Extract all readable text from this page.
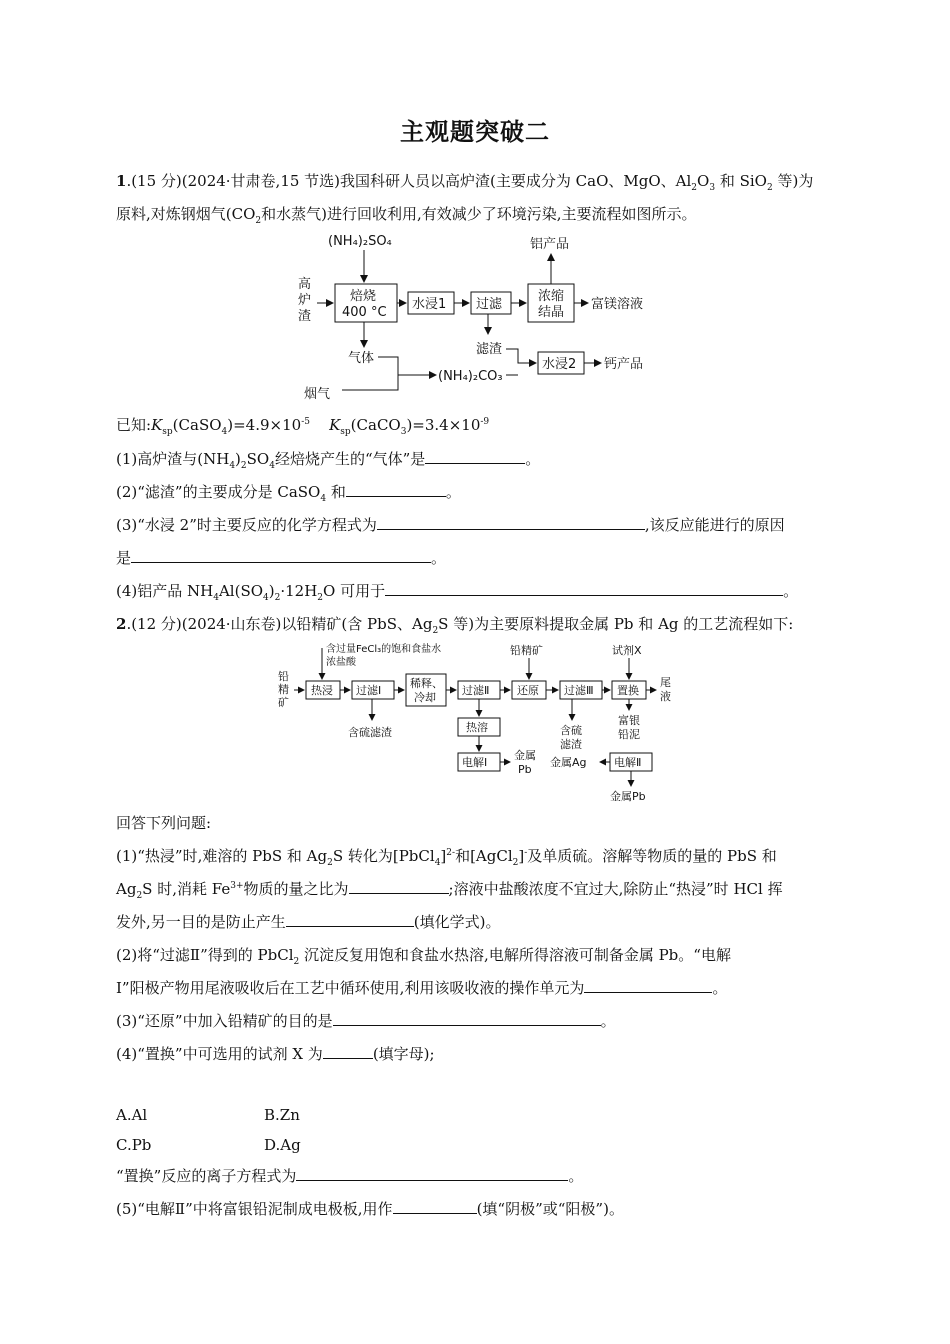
主观题突破二
1.(15 分)(2024·甘肃卷,15 节选)我国科研人员以高炉渣(主要成分为 CaO、MgO、$Al_2O_3$ 和 SiO$_2$ 等)为
原料,对炼钢烟气($CO_2$和水蒸气)进行回收利用,有效减少了环境污染,主要流程如图所示。
(NH₄)₂SO₄
高
炉
渣
焙烧
400 °C
水浸1 过滤
浓缩
结晶
铝产品
富镁溶液
气体
滤渣
水浸2 钙产品
烟气
(NH₄)₂CO₃
已知$:K_{sp}(CaSO_4)=4.9\times 10^{-5}$ $K_{sp}(CaCO_3)=3.4\times 10^{-9}$
(1)高炉渣与$(NH_4)_2SO_4$经焙烧产生的“气体”是	。
(2)“滤渣”的主要成分是 CaSO$_4$ 和	。
(3)“水浸 2”时主要反应的化学方程式为	,该反应能进行的原因
是	。
(4)铝产品 $NH_4Al(SO_4)_2\cdot 12H_2O$ 可用于	。
2.(12 分)(2024·山东卷)以铅精矿(含 PbS、$Ag_2S$ 等)为主要原料提取金属 Pb 和 Ag 的工艺流程如下:
铅
精
矿
含过量FeCl₃的饱和食盐水
浓盐酸
热浸 过滤Ⅰ
稀释、
冷却
过滤Ⅱ	还原 过滤Ⅲ 置换
尾
液
含硫滤渣
铅精矿	试剂X
热溶
电解Ⅰ
金属
Pb
含硫
滤渣
金属Ag
富银
铅泥
电解Ⅱ
金属Pb
回答下列问题:
(1)“热浸”时,难溶的 PbS 和 $Ag_2S$ 转化为[PbCl$_4$]$^{2-}$和[AgCl$_2$]-及单质硫。溶解等物质的量的 PbS 和
$Ag_2S$ 时,消耗 $Fe^{3+}$物质的量之比为	;溶液中盐酸浓度不宜过大,除防止“热浸”时 HCl 挥
发外,另一目的是防止产生	(填化学式)。
(2)将“过滤Ⅱ”得到的 PbCl$_2$ 沉淀反复用饱和食盐水热溶,电解所得溶液可制备金属 Pb。“电解
Ⅰ”阳极产物用尾液吸收后在工艺中循环使用,利用该吸收液的操作单元为	。
(3)“还原”中加入铅精矿的目的是	。
(4)“置换”中可选用的试剂 X 为	(填字母);
A.Al	B.Zn
C.Pb	D.Ag
“置换”反应的离子方程式为	。
(5)“电解Ⅱ”中将富银铅泥制成电极板,用作	(填“阴极”或“阳极”)。
